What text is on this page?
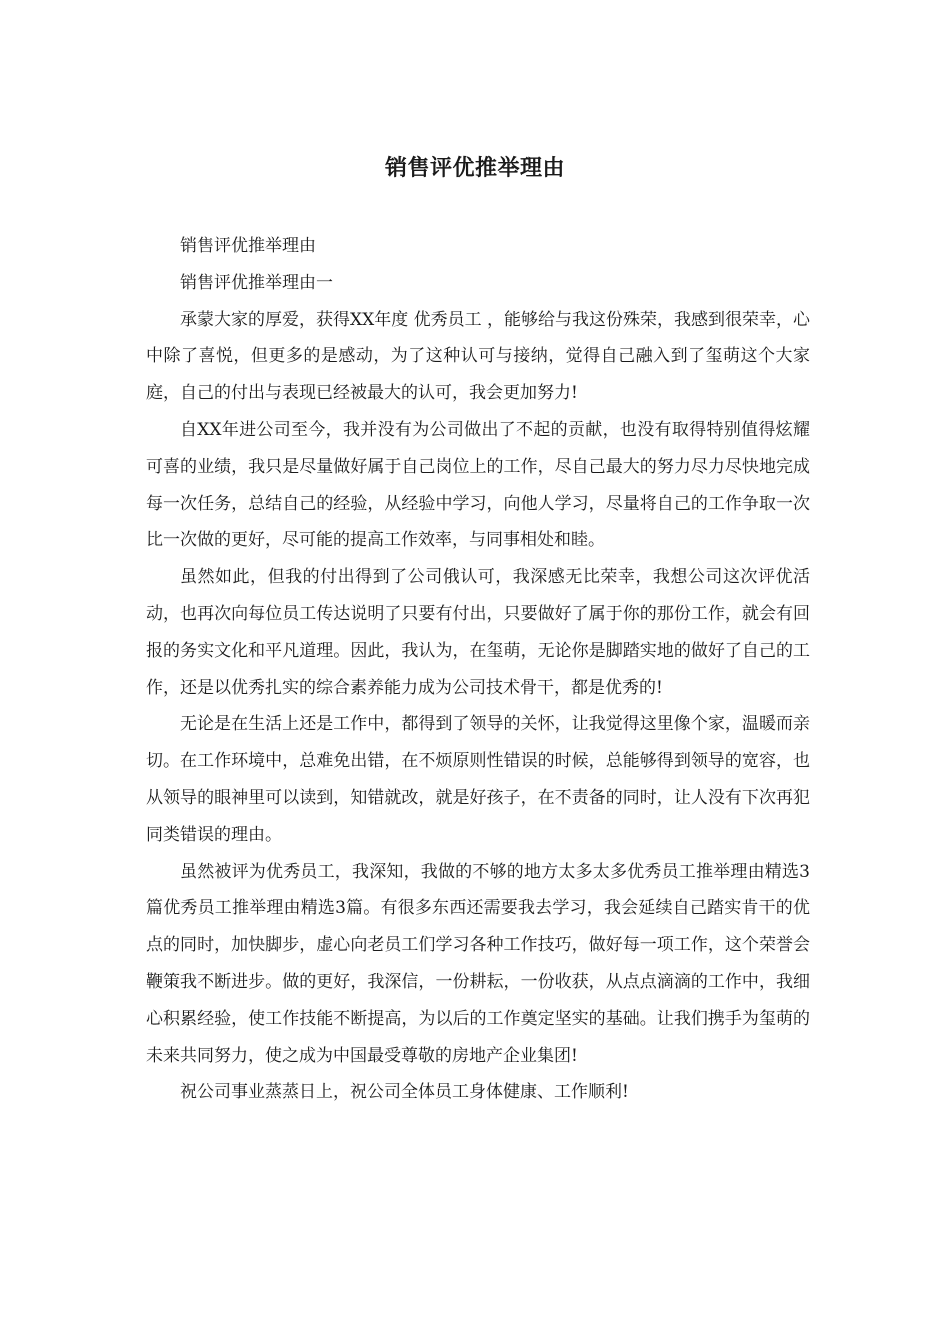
销售评优推举理由

销售评优推举理由

销售评优推举理由一

承蒙大家的厚爱，获得XX年度 优秀员工 ，能够给与我这份殊荣，我感到很荣幸，心中除了喜悦，但更多的是感动，为了这种认可与接纳，觉得自己融入到了玺萌这个大家庭，自己的付出与表现已经被最大的认可，我会更加努力!

自XX年进公司至今，我并没有为公司做出了不起的贡献，也没有取得特别值得炫耀可喜的业绩，我只是尽量做好属于自己岗位上的工作，尽自己最大的努力尽力尽快地完成每一次任务，总结自己的经验，从经验中学习，向他人学习，尽量将自己的工作争取一次比一次做的更好，尽可能的提高工作效率，与同事相处和睦。

虽然如此，但我的付出得到了公司俄认可，我深感无比荣幸，我想公司这次评优活动，也再次向每位员工传达说明了只要有付出，只要做好了属于你的那份工作，就会有回报的务实文化和平凡道理。因此，我认为，在玺萌，无论你是脚踏实地的做好了自己的工作，还是以优秀扎实的综合素养能力成为公司技术骨干，都是优秀的!

无论是在生活上还是工作中，都得到了领导的关怀，让我觉得这里像个家，温暖而亲切。在工作环境中，总难免出错，在不烦原则性错误的时候，总能够得到领导的宽容，也从领导的眼神里可以读到，知错就改，就是好孩子，在不责备的同时，让人没有下次再犯同类错误的理由。

虽然被评为优秀员工，我深知，我做的不够的地方太多太多优秀员工推举理由精选3篇优秀员工推举理由精选3篇。有很多东西还需要我去学习，我会延续自己踏实肯干的优点的同时，加快脚步，虚心向老员工们学习各种工作技巧，做好每一项工作，这个荣誉会鞭策我不断进步。做的更好，我深信，一份耕耘，一份收获，从点点滴滴的工作中，我细心积累经验，使工作技能不断提高，为以后的工作奠定坚实的基础。让我们携手为玺萌的未来共同努力，使之成为中国最受尊敬的房地产企业集团!

祝公司事业蒸蒸日上，祝公司全体员工身体健康、工作顺利!
